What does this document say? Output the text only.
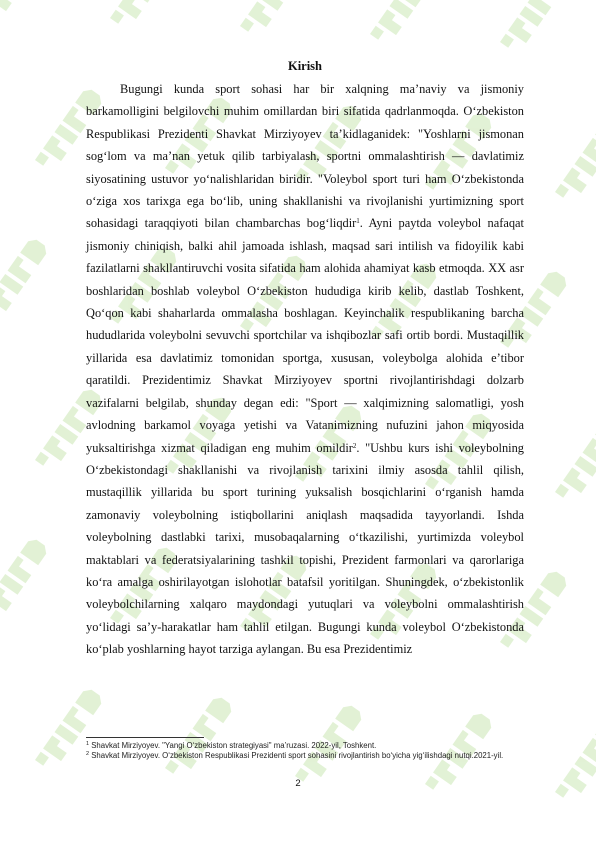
Kirish

Bugungi kunda sport sohasi har bir xalqning ma’naviy va jismoniy barkamolligini belgilovchi muhim omillardan biri sifatida qadrlanmoqda. O‘zbekiston Respublikasi Prezidenti Shavkat Mirziyoyev ta’kidlaganidek: "Yoshlarni jismonan sog‘lom va ma’nan yetuk qilib tarbiyalash, sportni ommalashtirish — davlatimiz siyosatining ustuvor yo‘nalishlaridan biridir. "Voleybol sport turi ham O‘zbekistonda o‘ziga xos tarixga ega bo‘lib, uning shakllanishi va rivojlanishi yurtimizning sport sohasidagi taraqqiyoti bilan chambarchas bog‘liqdir$^1$. Ayni paytda voleybol nafaqat jismoniy chiniqish, balki ahil jamoada ishlash, maqsad sari intilish va fidoyilik kabi fazilatlarni shakllantiruvchi vosita sifatida ham alohida ahamiyat kasb etmoqda. XX asr boshlaridan boshlab voleybol O‘zbekiston hududiga kirib kelib, dastlab Toshkent, Qo‘qon kabi shaharlarda ommalasha boshlagan. Keyinchalik respublikaning barcha hududlarida voleybolni sevuvchi sportchilar va ishqibozlar safi ortib bordi. Mustaqillik yillarida esa davlatimiz tomonidan sportga, xususan, voleybolga alohida e’tibor qaratildi. Prezidentimiz Shavkat Mirziyoyev sportni rivojlantirishdagi dolzarb vazifalarni belgilab, shunday degan edi: "Sport — xalqimizning salomatligi, yosh avlodning barkamol voyaga yetishi va Vatanimizning nufuzini jahon miqyosida yuksaltirishga xizmat qiladigan eng muhim omildir$^2$. "Ushbu kurs ishi voleybolning O‘zbekistondagi shakllanishi va rivojlanish tarixini ilmiy asosda tahlil qilish, mustaqillik yillarida bu sport turining yuksalish bosqichlarini o‘rganish hamda zamonaviy voleybolning istiqbollarini aniqlash maqsadida tayyorlandi. Ishda voleybolning dastlabki tarixi, musobaqalarning o‘tkazilishi, yurtimizda voleybol maktablari va federatsiyalarining tashkil topishi, Prezident farmonlari va qarorlariga ko‘ra amalga oshirilayotgan islohotlar batafsil yoritilgan. Shuningdek, o‘zbekistonlik voleybolchilarning xalqaro maydondagi yutuqlari va voleybolni ommalashtirish yo‘lidagi sa’y-harakatlar ham tahlil etilgan. Bugungi kunda voleybol O‘zbekistonda ko‘plab yoshlarning hayot tarziga aylangan. Bu esa Prezidentimiz

$^1$ Shavkat Mirziyoyev. "Yangi O‘zbekiston strategiyasi" ma’ruzasi. 2022-yil, Toshkent.

$^2$ Shavkat Mirziyoyev. O‘zbekiston Respublikasi Prezidenti sport sohasini rivojlantirish bo‘yicha yig‘ilishdagi nutqi.2021-yil.

2
